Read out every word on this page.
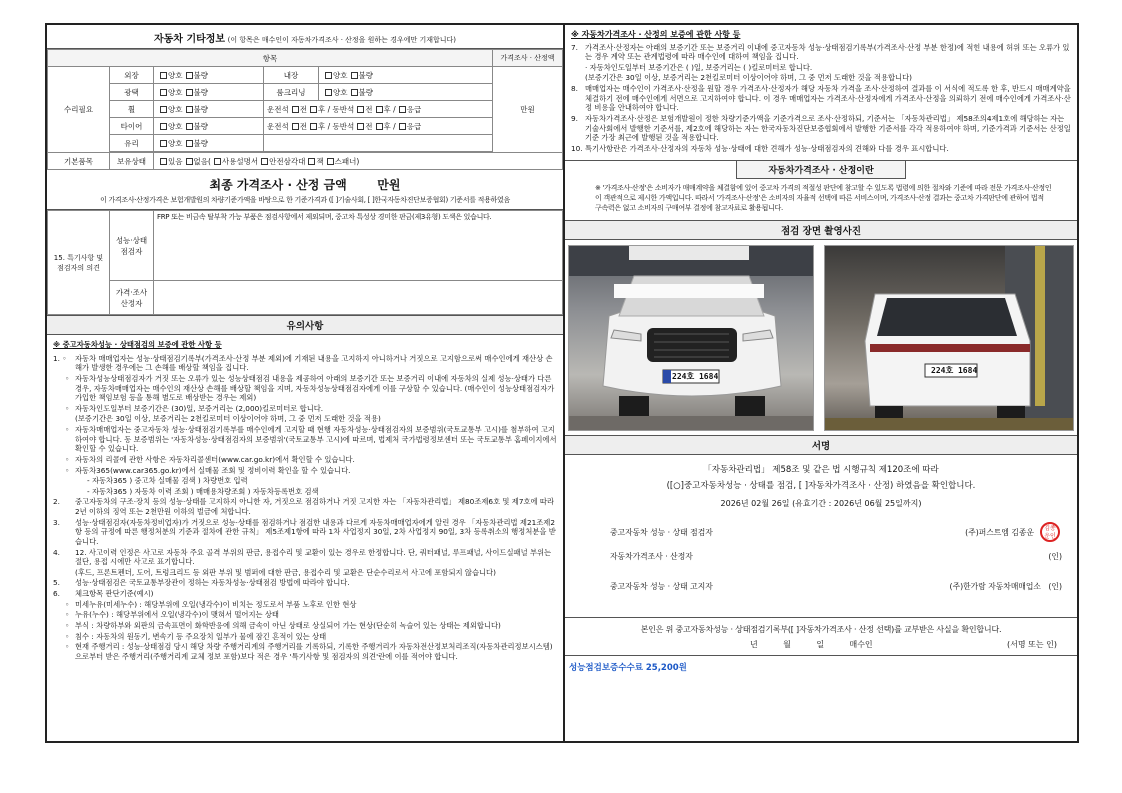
자동차 기타정보 (이 항목은 매수인이 자동차가격조사 · 산정을 원하는 경우에만 기재합니다)
항목					가격조사 · 산정액
수리필요	외장	양호 불량	내장	양호 불량	만원
	광택	양호 불량	룸크리닝	양호 불량	
	휠	양호 불량	운전석 전 후 / 동반석 전 후 / 응급		
	타이어	양호 불량	운전석 전 후 / 동반석 전 후 / 응급		
	유리	양호 불량			

기본품목	보유상태	있음 없음( 사용설명서 안전삼각대 잭 스패너)			
최종 가격조사 · 산정 금액	만원
이 가격조사·산정가격은 보험개발원의 차량기준가액을 바탕으로 한 기준가격과 ([ ]기술사회, [ ]한국자동차진단보증협회) 기준서를 적용하였음
15. 특기사항 및 점검자의 의견	성능·상태 점검자	FRP 또는 비금속 탈부착 가능 부품은 점검사항에서 제외되며, 중고차 특성상 경미한 판금(제3유형) 도색은 있습니다.
	가격·조사 산정자	
유의사항

※ 중고자동차성능 · 상태점검의 보증에 관한 사항 등

1. ◦ 자동차 매매업자는 성능·상태점검기록부(가격조사·산정 부분 제외)에 기재된 내용을 고지하지 아니하거나 거짓으로 고지함으로써 매수인에게 재산상 손해가 발생한 경우에는 그 손해를 배상할 책임을 집니다.

◦ 자동차성능상태점검자가 거짓 또는 오류가 있는 성능상태점검 내용을 제공하여 아래의 보증기간 또는 보증거리 이내에 자동차의 실제 성능·상태가 다른 경우, 자동차매매업자는 매수인의 재산상 손해를 배상할 책임을 지며, 자동차성능상태점검자에게 이를 구상할 수 있습니다. (매수인이 성능상태점검자가 가입한 책임보험 등을 통해 별도로 배상받는 경우는 제외)

◦ 자동차인도일부터 보증기간은 (30)일, 보증거리는 (2,000)킬로미터로 합니다.

(보증기간은 30일 이상, 보증거리는 2천킬로미터 이상이어야 하며, 그 중 먼저 도래한 것을 적용)

◦ 자동차매매업자는 중고자동차 성능·상태점검기록부를 매수인에게 고지할 때 현행 자동차성능·상태점검자의 보증범위(국토교통부 고시)를 첨부하여 고지하여야 합니다. 동 보증범위는 '자동차성능·상태점검자의 보증범위'(국토교통부 고시)에 따르며, 법제처 국가법령정보센터 또는 국토교통부 홈페이지에서 확인할 수 있습니다.

◦ 자동차의 리콜에 관한 사항은 자동차리콜센터(www.car.go.kr)에서 확인할 수 있습니다.

◦ 자동차365(www.car365.go.kr)에서 실매물 조회 및 정비이력 확인을 할 수 있습니다.

- 자동차365 ) 중고차 실매물 검색 ) 차량번호 입력

- 자동차365 ) 자동차 이력 조회 ) 매매용차량조회 ) 자동차등록번호 검색

2. 중고자동차의 구조·장치 등의 성능·상태를 고지하지 아니한 자, 거짓으로 점검하거나 거짓 고지한 자는 「자동차관리법」 제80조제6호 및 제7호에 따라 2년 이하의 징역 또는 2천만원 이하의 벌금에 처합니다.

3. 성능·상태점검자(자동차정비업자)가 거짓으로 성능·상태를 점검하거나 점검한 내용과 다르게 자동차매매업자에게 알린 경우 「자동차관리법 제21조제2항 등의 규정에 따른 행정처분의 기준과 절차에 관한 규칙」 제5조제1항에 따라 1차 사업정지 30일, 2차 사업정지 90일, 3차 등록취소의 행정처분을 받습니다.

4. 12. 사고이력 인정은 사고로 자동차 주요 골격 부위의 판금, 용접수리 및 교환이 있는 경우로 한정합니다. 단, 쿼터패널, 루프패널, 사이드실패널 부위는 절단, 용접 시에만 사고로 표기합니다.

(후드, 프론트펜더, 도어, 트렁크리드 등 외판 부위 및 범퍼에 대한 판금, 용접수리 및 교환은 단순수리로서 사고에 포함되지 않습니다)

5. 성능·상태점검은 국토교통부장관이 정하는 자동차성능·상태점검 방법에 따라야 합니다.

6. 체크항목 판단기준(예시)

◦ 미세누유(미세누수) : 해당부위에 오일(냉각수)이 비치는 정도로서 부품 노후로 인한 현상

◦ 누유(누수) : 해당부위에서 오일(냉각수)이 맺혀서 떨어지는 상태

◦ 부식 : 차량하부와 외판의 금속표면이 화학반응에 의해 금속이 아닌 상태로 상실되어 가는 현상(단순히 녹슬어 있는 상태는 제외합니다)

◦ 침수 : 자동차의 원동기, 변속기 등 주요장치 일부가 물에 잠긴 흔적이 있는 상태

◦ 현재 주행거리 : 성능·상태점검 당시 해당 차량 주행거리계의 주행거리를 기록하되, 기록한 주행거리가 자동차전산정보처리조직(자동차관리정보시스템)으로부터 받은 주행거리(주행거리계 교체 정보 포함)보다 적은 경우 '특기사항 및 점검자의 의견'란에 이를 적어야 합니다.

※ 자동차가격조사 · 산정의 보증에 관한 사항 등

7. 가격조사·산정자는 아래의 보증기간 또는 보증거리 이내에 중고자동차 성능·상태점검기록부(가격조사·산정 부분 한정)에 적힌 내용에 허위 또는 오류가 있는 경우 계약 또는 관계법령에 따라 매수인에 대하여 책임을 집니다.

· 자동차인도일부터 보증기간은 ( )일, 보증거리는 ( )킬로미터로 합니다.

(보증기간은 30일 이상, 보증거리는 2천킬로미터 이상이어야 하며, 그 중 먼저 도래한 것을 적용합니다)

8. 매매업자는 매수인이 가격조사·산정을 원할 경우 가격조사·산정자가 해당 자동차 가격을 조사·산정하여 결과를 이 서식에 적도록 한 후, 반드시 매매계약을 체결하기 전에 매수인에게 서면으로 고지하여야 합니다. 이 경우 매매업자는 가격조사·산정자에게 가격조사·산정을 의뢰하기 전에 매수인에게 가격조사·산정 비용을 안내하여야 합니다.

9. 자동차가격조사·산정은 보험개발원이 정한 차량기준가액을 기준가격으로 조사·산정하되, 기준서는 「자동차관리법」 제58조의4제1호에 해당하는 자는 기술사회에서 발행한 기준서를, 제2호에 해당하는 자는 한국자동차진단보증협회에서 발행한 기준서를 각각 적용하여야 하며, 기준가격과 기준서는 산정일 기준 가장 최근에 발행된 것을 적용합니다.

10. 특기사항란은 가격조사·산정자의 자동차 성능·상태에 대한 견해가 성능·상태점검자의 견해와 다를 경우 표시합니다.

자동차가격조사 · 산정이란
※ '가격조사·산정'은 소비자가 매매계약을 체결함에 있어 중고차 가격의 적절성 판단에 참고할 수 있도록 법령에 의한 절차와 기준에 따라 전문 가격조사·산정인이 객관적으로 제시한 가액입니다. 따라서 '가격조사·산정'은 소비자의 자율적 선택에 따른 서비스이며, 가격조사·산정 결과는 중고차 가격판단에 관하여 법적 구속력은 없고 소비자의 구매여부 결정에 참고자료로 활용됩니다.
점검 장면 촬영사진
224호 1684
224호 1684
서명
「자동차관리법」 제58조 및 같은 법 시행규칙 제120조에 따라
([○]중고자동차성능 · 상태를 점검, [ ]자동차가격조사 · 산정) 하였음을 확인합니다.
2026년 02월 26일 (유효기간 : 2026년 06월 25일까지)
중고자동차 성능 · 상태 점검자	(주)퍼스트엠 김종운	김종
운인
자동차가격조사 · 산정자	(인)
중고자동차 성능 · 상태 고지자	(주)한가람 자동차매매업소   (인)
본인은 위 중고자동차성능 · 상태점검기록부([ ]자동차가격조사 · 산정 선택)를 교부받은 사실을 확인합니다.
년          월          일          매수인	(서명 또는 인)
성능점검보증수수료 25,200원
